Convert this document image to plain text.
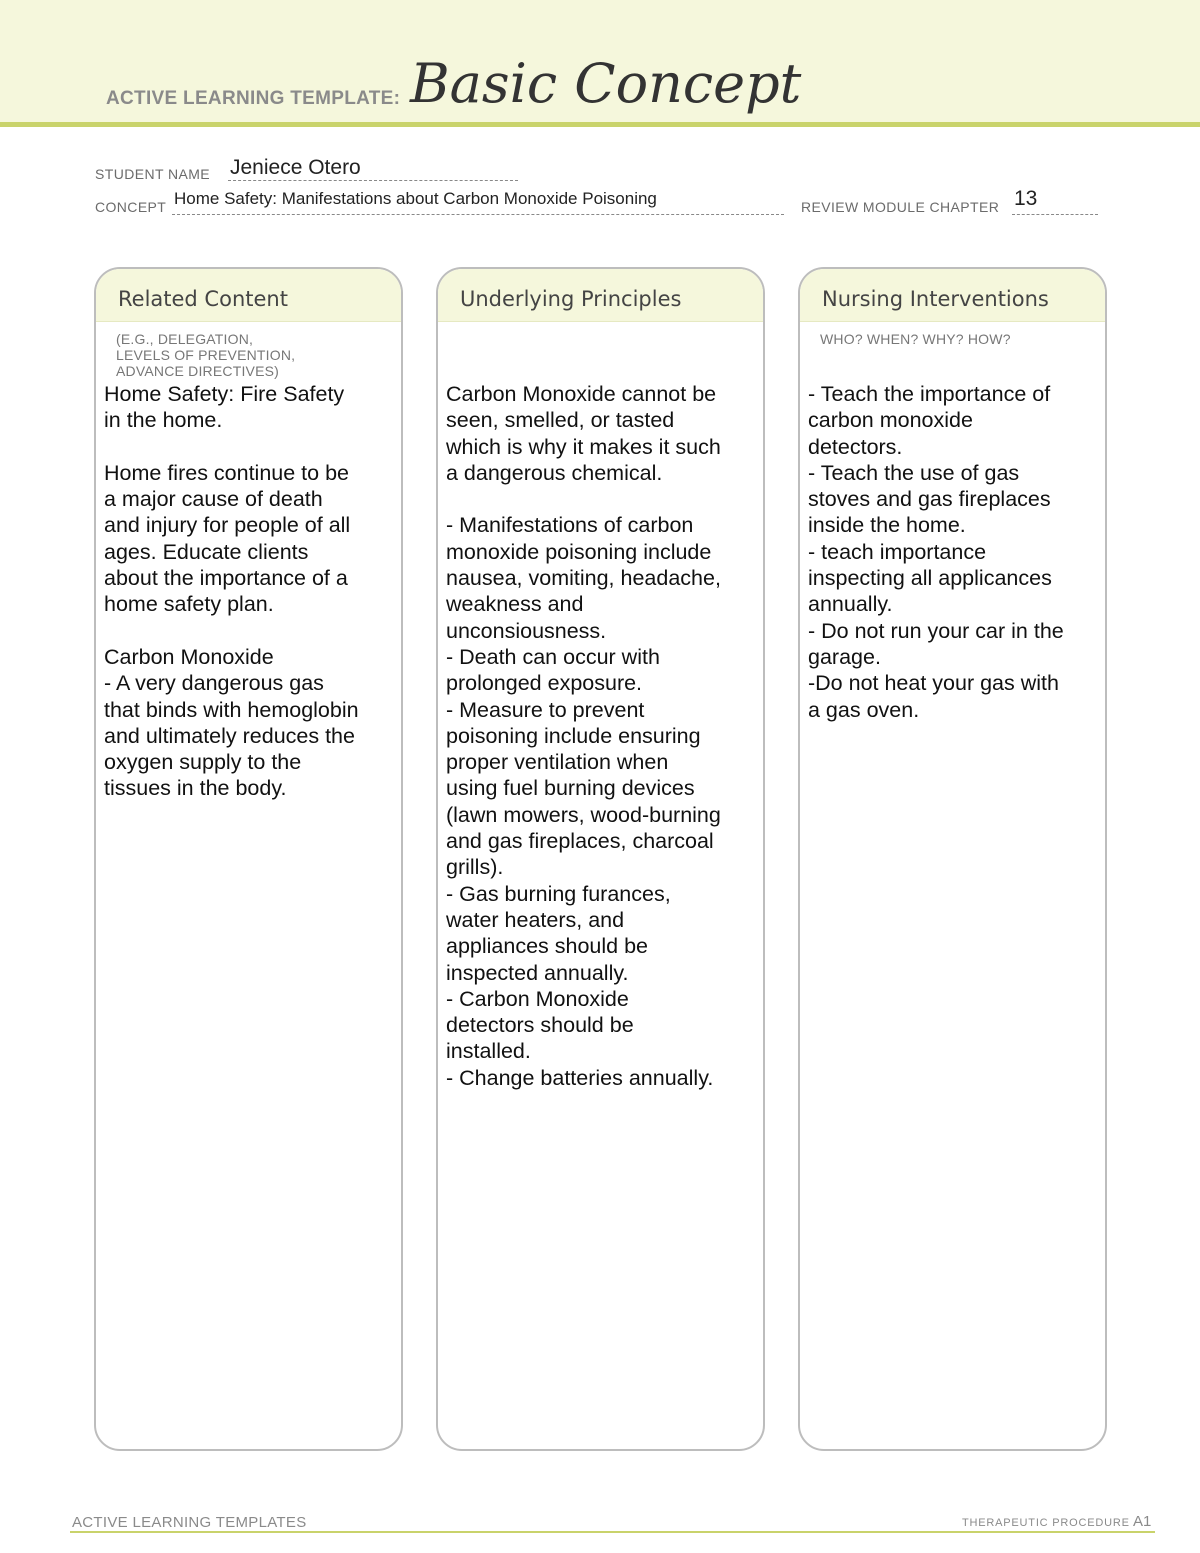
ACTIVE LEARNING TEMPLATE: Basic Concept
STUDENT NAME Jeniece Otero
CONCEPT Home Safety: Manifestations about Carbon Monoxide Poisoning	REVIEW MODULE CHAPTER 13
Related Content
(E.G., DELEGATION,
LEVELS OF PREVENTION,
ADVANCE DIRECTIVES)
Home Safety: Fire Safety
in the home.

Home fires continue to be
a major cause of death
and injury for people of all
ages. Educate clients
about the importance of a
home safety plan.

Carbon Monoxide
- A very dangerous gas
that binds with hemoglobin
and ultimately reduces the
oxygen supply to the
tissues in the body.
Underlying Principles
Carbon Monoxide cannot be
seen, smelled, or tasted
which is why it makes it such
a dangerous chemical.

- Manifestations of carbon
monoxide poisoning include
nausea, vomiting, headache,
weakness and
unconsiousness.
- Death can occur with
prolonged exposure.
- Measure to prevent
poisoning include ensuring
proper ventilation when
using fuel burning devices
(lawn mowers, wood-burning
and gas fireplaces, charcoal
grills).
- Gas burning furances,
water heaters, and
appliances should be
inspected annually.
- Carbon Monoxide
detectors should be
installed.
- Change batteries annually.
Nursing Interventions
WHO? WHEN? WHY? HOW?
- Teach the importance of
carbon monoxide
detectors.
- Teach the use of gas
stoves and gas fireplaces
inside the home.
- teach importance
inspecting all applicances
annually.
- Do not run your car in the
garage.
-Do not heat your gas with
a gas oven.
ACTIVE LEARNING TEMPLATES	THERAPEUTIC PROCEDURE A1
